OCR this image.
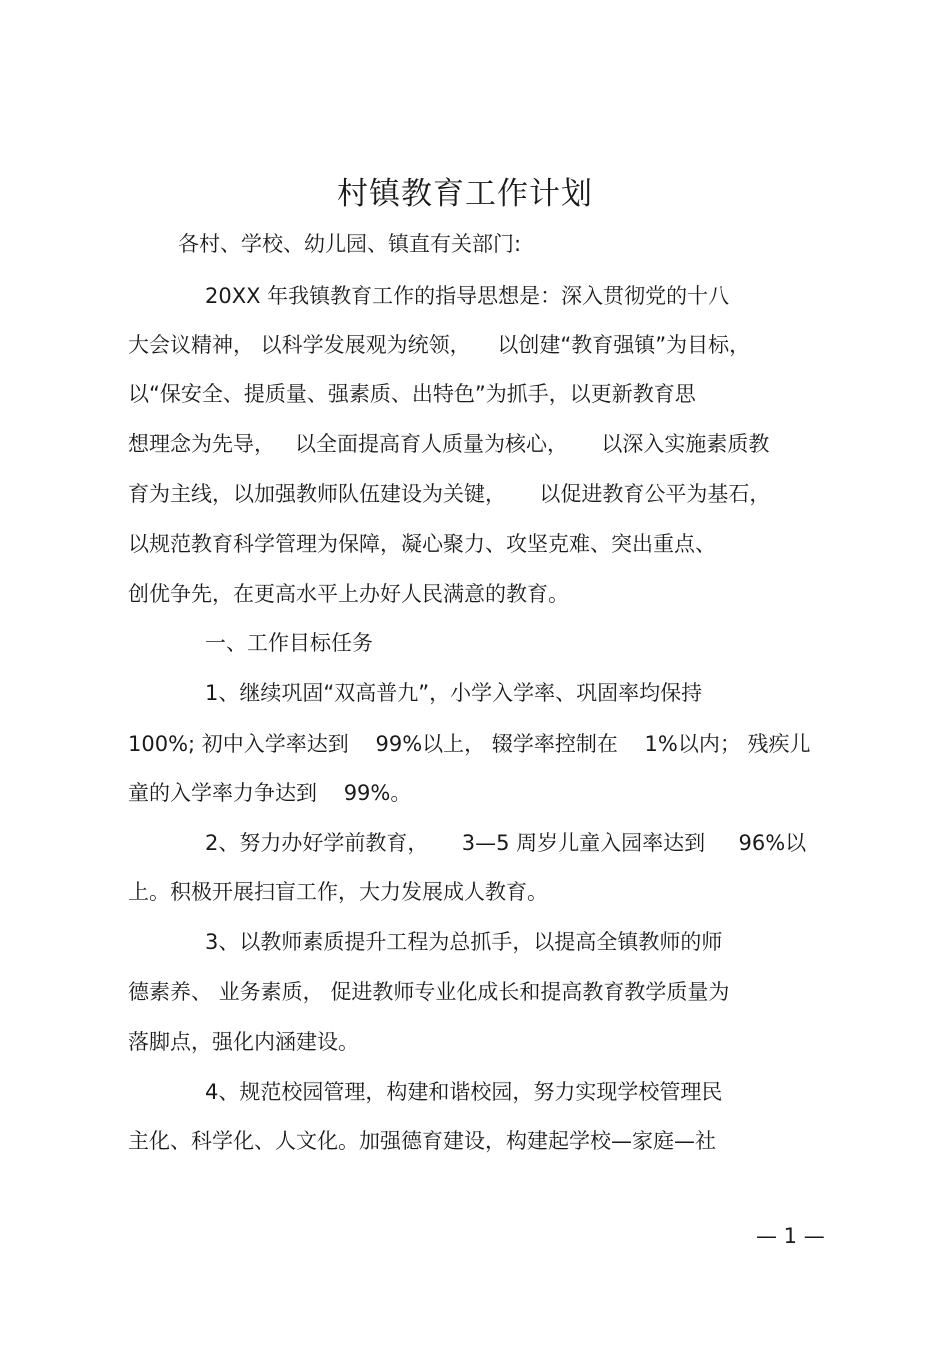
村镇教育工作计划
各村、学校、幼儿园、镇直有关部门:
20XX 年我镇教育工作的指导思想是：深入贯彻党的十八
大会议精神， 以科学发展观为统领，    以创建“教育强镇”为目标，
以“保安全、提质量、强素质、出特色”为抓手，以更新教育思
想理念为先导，   以全面提高育人质量为核心，     以深入实施素质教
育为主线，以加强教师队伍建设为关键，     以促进教育公平为基石，
以规范教育科学管理为保障，凝心聚力、攻坚克难、突出重点、
创优争先，在更高水平上办好人民满意的教育。
一、工作目标任务
1、继续巩固“双高普九”，小学入学率、巩固率均保持
100%; 初中入学率达到    99%以上， 辍学率控制在    1%以内； 残疾儿
童的入学率力争达到    99%。
2、努力办好学前教育，     3—5 周岁儿童入园率达到     96%以
上。积极开展扫盲工作，大力发展成人教育。
3、以教师素质提升工程为总抓手，以提高全镇教师的师
德素养、 业务素质， 促进教师专业化成长和提高教育教学质量为
落脚点，强化内涵建设。
4、规范校园管理，构建和谐校园，努力实现学校管理民
主化、科学化、人文化。加强德育建设，构建起学校—家庭—社
— 1 —
